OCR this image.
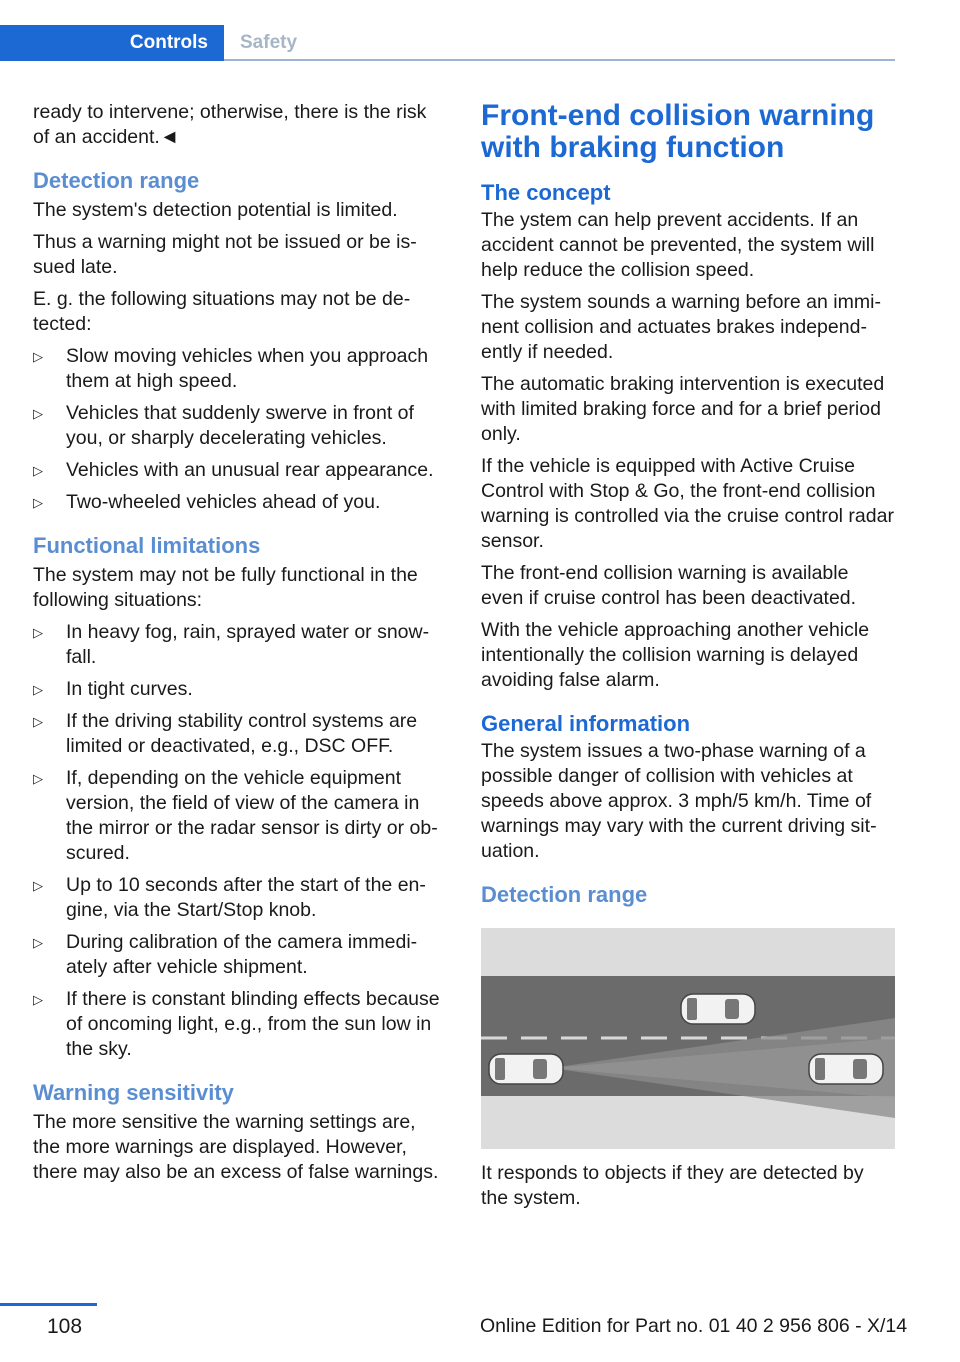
Controls	Safety

ready to intervene; otherwise, there is the risk of an accident.◄

Detection range

The system's detection potential is limited.

Thus a warning might not be issued or be issued late.

E. g. the following situations may not be detected:

▷ Slow moving vehicles when you approach them at high speed.
▷ Vehicles that suddenly swerve in front of you, or sharply decelerating vehicles.
▷ Vehicles with an unusual rear appearance.
▷ Two-wheeled vehicles ahead of you.
Functional limitations

The system may not be fully functional in the following situations:

▷ In heavy fog, rain, sprayed water or snowfall.
▷ In tight curves.
▷ If the driving stability control systems are limited or deactivated, e.g., DSC OFF.
▷ If, depending on the vehicle equipment version, the field of view of the camera in the mirror or the radar sensor is dirty or obscured.
▷ Up to 10 seconds after the start of the engine, via the Start/Stop knob.
▷ During calibration of the camera immediately after vehicle shipment.
▷ If there is constant blinding effects because of oncoming light, e.g., from the sun low in the sky.
Warning sensitivity

The more sensitive the warning settings are, the more warnings are displayed. However, there may also be an excess of false warnings.

Front-end collision warning with braking function
The concept

The ystem can help prevent accidents. If an accident cannot be prevented, the system will help reduce the collision speed.

The system sounds a warning before an imminent collision and actuates brakes independently if needed.

The automatic braking intervention is executed with limited braking force and for a brief period only.

If the vehicle is equipped with Active Cruise Control with Stop & Go, the front-end collision warning is controlled via the cruise control radar sensor.

The front-end collision warning is available even if cruise control has been deactivated.

With the vehicle approaching another vehicle intentionally the collision warning is delayed avoiding false alarm.

General information

The system issues a two-phase warning of a possible danger of collision with vehicles at speeds above approx. 3 mph/5 km/h. Time of warnings may vary with the current driving situation.

Detection range

It responds to objects if they are detected by the system.

108	Online Edition for Part no. 01 40 2 956 806 - X/14
